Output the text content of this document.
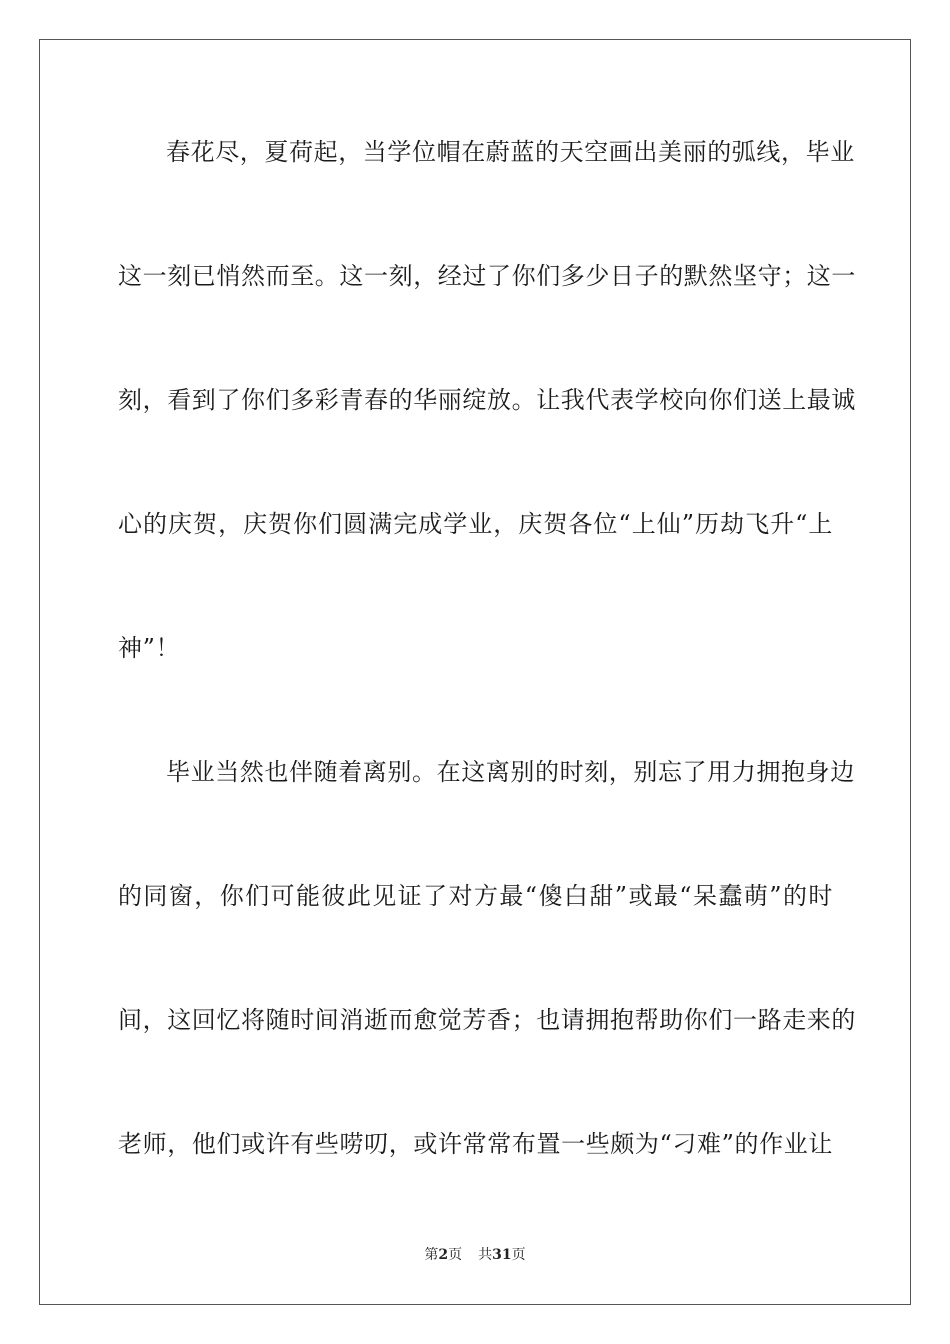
春花尽，夏荷起，当学位帽在蔚蓝的天空画出美丽的弧线，毕业
这一刻已悄然而至。这一刻，经过了你们多少日子的默然坚守；这一
刻，看到了你们多彩青春的华丽绽放。让我代表学校向你们送上最诚
心的庆贺，庆贺你们圆满完成学业，庆贺各位“上仙”历劫飞升“上
神”！
毕业当然也伴随着离别。在这离别的时刻，别忘了用力拥抱身边
的同窗，你们可能彼此见证了对方最“傻白甜”或最“呆蠢萌”的时
间，这回忆将随时间消逝而愈觉芳香；也请拥抱帮助你们一路走来的
老师，他们或许有些唠叨，或许常常布置一些颇为“刁难”的作业让
第2页 共31页
